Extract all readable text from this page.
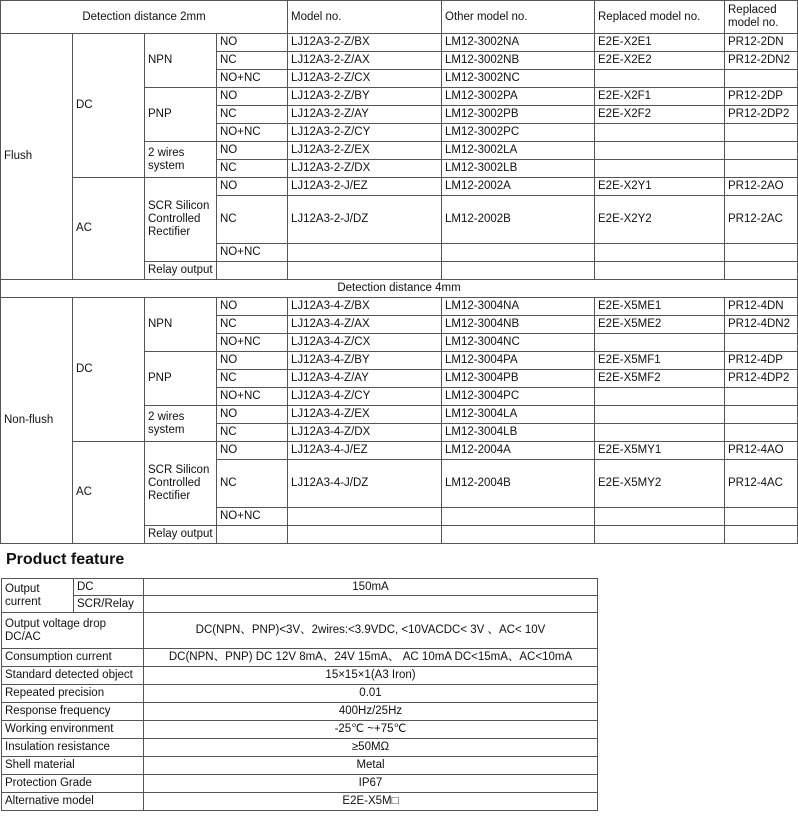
Detection distance 2mm				Model no.	Other model no.	Replaced model no.	Replaced model no.
Flush	DC	NPN	NO	LJ12A3-2-Z/BX	LM12-3002NA	E2E-X2E1	PR12-2DN
			NC	LJ12A3-2-Z/AX	LM12-3002NB	E2E-X2E2	PR12-2DN2
			NO+NC	LJ12A3-2-Z/CX	LM12-3002NC		
		PNP	NO	LJ12A3-2-Z/BY	LM12-3002PA	E2E-X2F1	PR12-2DP
			NC	LJ12A3-2-Z/AY	LM12-3002PB	E2E-X2F2	PR12-2DP2
			NO+NC	LJ12A3-2-Z/CY	LM12-3002PC		
		2 wires system	NO	LJ12A3-2-Z/EX	LM12-3002LA		
			NC	LJ12A3-2-Z/DX	LM12-3002LB		
	AC	SCR Silicon Controlled Rectifier	NO	LJ12A3-2-J/EZ	LM12-2002A	E2E-X2Y1	PR12-2AO
			NC	LJ12A3-2-J/DZ	LM12-2002B	E2E-X2Y2	PR12-2AC
			NO+NC				
		Relay output					
Detection distance 4mm							
Non-flush	DC	NPN	NO	LJ12A3-4-Z/BX	LM12-3004NA	E2E-X5ME1	PR12-4DN
			NC	LJ12A3-4-Z/AX	LM12-3004NB	E2E-X5ME2	PR12-4DN2
			NO+NC	LJ12A3-4-Z/CX	LM12-3004NC		
		PNP	NO	LJ12A3-4-Z/BY	LM12-3004PA	E2E-X5MF1	PR12-4DP
			NC	LJ12A3-4-Z/AY	LM12-3004PB	E2E-X5MF2	PR12-4DP2
			NO+NC	LJ12A3-4-Z/CY	LM12-3004PC		
		2 wires system	NO	LJ12A3-4-Z/EX	LM12-3004LA		
			NC	LJ12A3-4-Z/DX	LM12-3004LB		
	AC	SCR Silicon Controlled Rectifier	NO	LJ12A3-4-J/EZ	LM12-2004A	E2E-X5MY1	PR12-4AO
			NC	LJ12A3-4-J/DZ	LM12-2004B	E2E-X5MY2	PR12-4AC
			NO+NC				
		Relay output					
Product feature
Output current	DC	150mA
	SCR/Relay	
Output voltage drop DC/AC		DC(NPN、PNP)<3V、2wires:<3.9VDC, <10VACDC< 3V 、AC< 10V
Consumption current		DC(NPN、PNP) DC 12V 8mA、24V 15mA、 AC 10mA DC<15mA、AC<10mA
Standard detected object		15×15×1(A3 Iron)
Repeated precision		0.01
Response frequency		400Hz/25Hz
Working environment		-25℃ ~+75℃
Insulation resistance		≥50MΩ
Shell material		Metal
Protection Grade		IP67
Alternative model		E2E-X5M□
